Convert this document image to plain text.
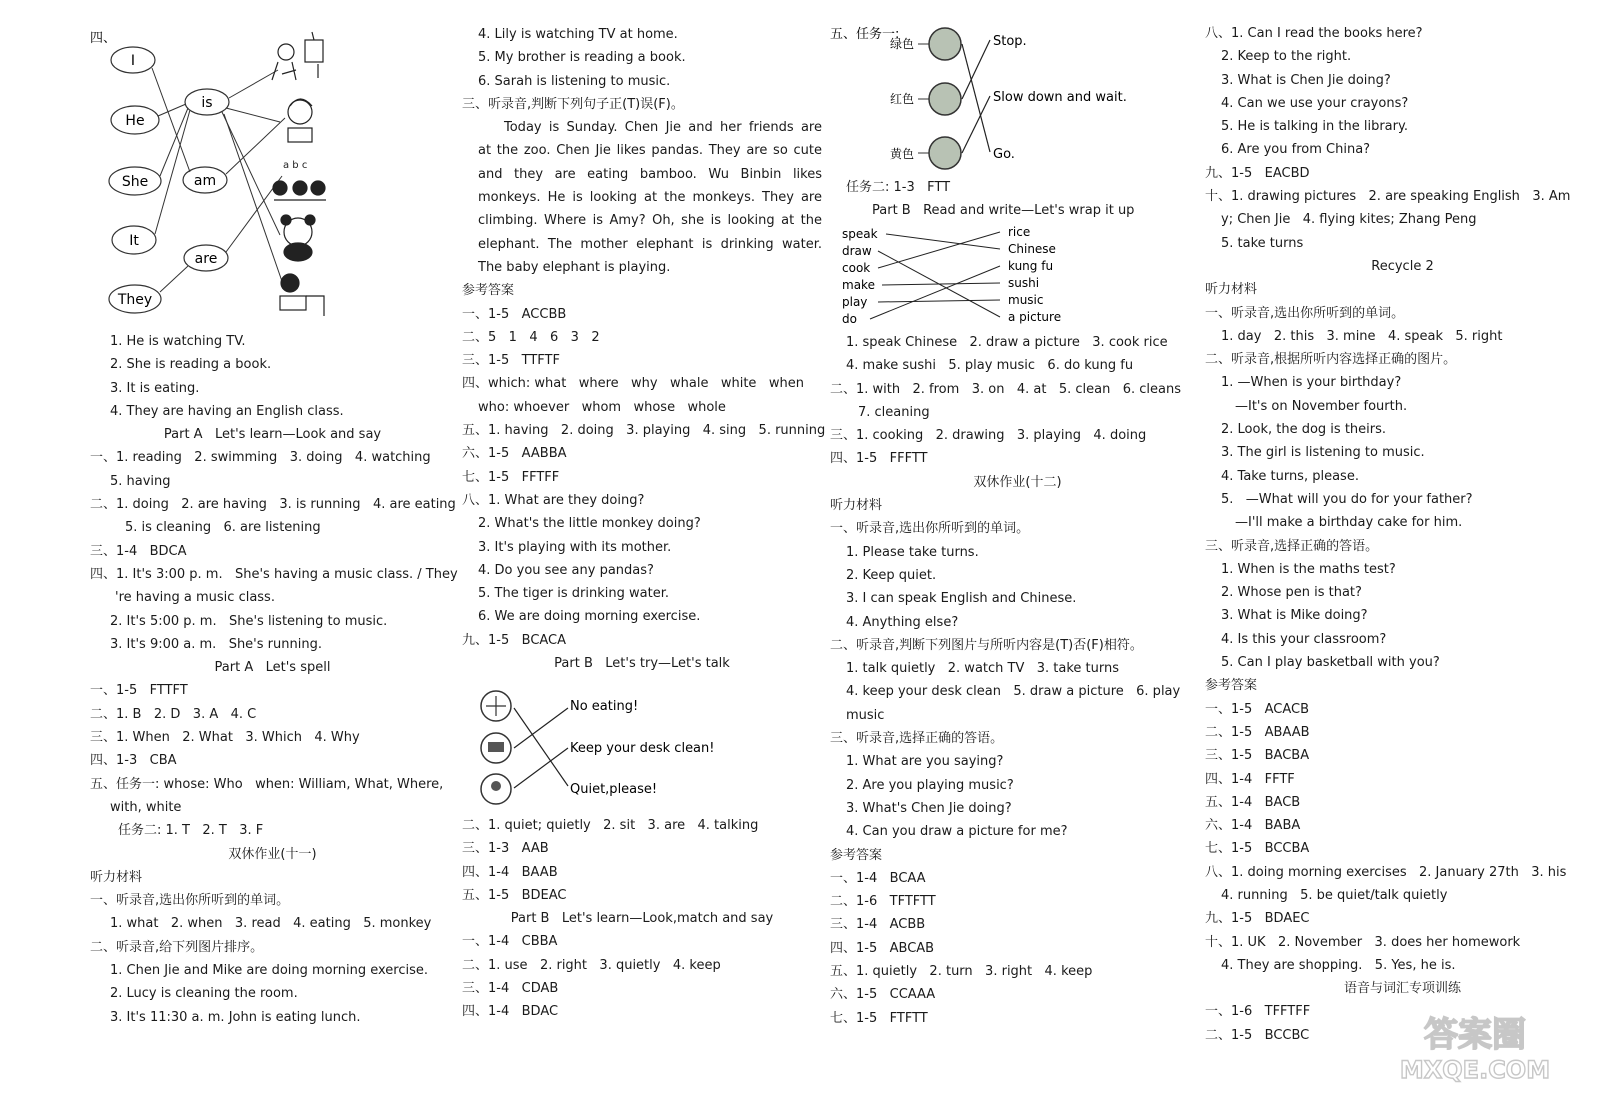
四、
I
He
She
It
They
is
am
are
a b c
1. He is watching TV.
2. She is reading a book.
3. It is eating.
4. They are having an English class.
Part A   Let's learn—Look and say
一、1. reading   2. swimming   3. doing   4. watching
5. having
二、1. doing   2. are having   3. is running   4. are eating
5. is cleaning   6. are listening
三、1-4   BDCA
四、1. It's 3:00 p. m.   She's having a music class. / They
're having a music class.
2. It's 5:00 p. m.   She's listening to music.
3. It's 9:00 a. m.   She's running.
Part A   Let's spell
一、1-5   FTTFT
二、1. B   2. D   3. A   4. C
三、1. When   2. What   3. Which   4. Why
四、1-3   CBA
五、任务一: whose: Who   when: William, What, Where,
with, white
任务二: 1. T   2. T   3. F
双休作业(十一)
听力材料
一、听录音,选出你所听到的单词。
1. what   2. when   3. read   4. eating   5. monkey
二、听录音,给下列图片排序。
1. Chen Jie and Mike are doing morning exercise.
2. Lucy is cleaning the room.
3. It's 11:30 a. m. John is eating lunch.
4. Lily is watching TV at home.
5. My brother is reading a book.
6. Sarah is listening to music.
三、听录音,判断下列句子正(T)误(F)。
Today is Sunday. Chen Jie and her friends are
at the zoo. Chen Jie likes pandas. They are so cute
and they are eating bamboo. Wu Binbin likes
monkeys. He is looking at the monkeys. They are
climbing. Where is Amy? Oh, she is looking at the
elephant. The mother elephant is drinking water.
The baby elephant is playing.
参考答案
一、1-5   ACCBB
二、5   1   4   6   3   2
三、1-5   TTFTF
四、which: what   where   why   whale   white   when
who: whoever   whom   whose   whole
五、1. having   2. doing   3. playing   4. sing   5. running
六、1-5   AABBA
七、1-5   FFTFF
八、1. What are they doing?
2. What's the little monkey doing?
3. It's playing with its mother.
4. Do you see any pandas?
5. The tiger is drinking water.
6. We are doing morning exercise.
九、1-5   BCACA
Part B   Let's try—Let's talk
No eating!
Keep your desk clean!
Quiet,please!
二、1. quiet; quietly   2. sit   3. are   4. talking
三、1-3   AAB
四、1-4   BAAB
五、1-5   BDEAC
Part B   Let's learn—Look,match and say
一、1-4   CBBA
二、1. use   2. right   3. quietly   4. keep
三、1-4   CDAB
四、1-4   BDAC
五、任务一:
绿色
红色
黄色
Stop.
Slow down and wait.
Go.
任务二: 1-3   FTT
Part B   Read and write—Let's wrap it up
speak
draw
cook
make
play
do
rice
Chinese
kung fu
sushi
music
a picture
1. speak Chinese   2. draw a picture   3. cook rice
4. make sushi   5. play music   6. do kung fu
二、1. with   2. from   3. on   4. at   5. clean   6. cleans
7. cleaning
三、1. cooking   2. drawing   3. playing   4. doing
四、1-5   FFFTT
双休作业(十二)
听力材料
一、听录音,选出你所听到的单词。
1. Please take turns.
2. Keep quiet.
3. I can speak English and Chinese.
4. Anything else?
二、听录音,判断下列图片与所听内容是(T)否(F)相符。
1. talk quietly   2. watch TV   3. take turns
4. keep your desk clean   5. draw a picture   6. play
music
三、听录音,选择正确的答语。
1. What are you saying?
2. Are you playing music?
3. What's Chen Jie doing?
4. Can you draw a picture for me?
参考答案
一、1-4   BCAA
二、1-6   TFTFTT
三、1-4   ACBB
四、1-5   ABCAB
五、1. quietly   2. turn   3. right   4. keep
六、1-5   CCAAA
七、1-5   FTFTT
八、1. Can I read the books here?
2. Keep to the right.
3. What is Chen Jie doing?
4. Can we use your crayons?
5. He is talking in the library.
6. Are you from China?
九、1-5   EACBD
十、1. drawing pictures   2. are speaking English   3. Am
y; Chen Jie   4. flying kites; Zhang Peng
5. take turns
Recycle 2
听力材料
一、听录音,选出你所听到的单词。
1. day   2. this   3. mine   4. speak   5. right
二、听录音,根据所听内容选择正确的图片。
1. —When is your birthday?
—It's on November fourth.
2. Look, the dog is theirs.
3. The girl is listening to music.
4. Take turns, please.
5.   —What will you do for your father?
—I'll make a birthday cake for him.
三、听录音,选择正确的答语。
1. When is the maths test?
2. Whose pen is that?
3. What is Mike doing?
4. Is this your classroom?
5. Can I play basketball with you?
参考答案
一、1-5   ACACB
二、1-5   ABAAB
三、1-5   BACBA
四、1-4   FFTF
五、1-4   BACB
六、1-4   BABA
七、1-5   BCCBA
八、1. doing morning exercises   2. January 27th   3. his
4. running   5. be quiet/talk quietly
九、1-5   BDAEC
十、1. UK   2. November   3. does her homework
4. They are shopping.   5. Yes, he is.
语音与词汇专项训练
一、1-6   TFFTFF
二、1-5   BCCBC	答案圈
MXQE.COM
